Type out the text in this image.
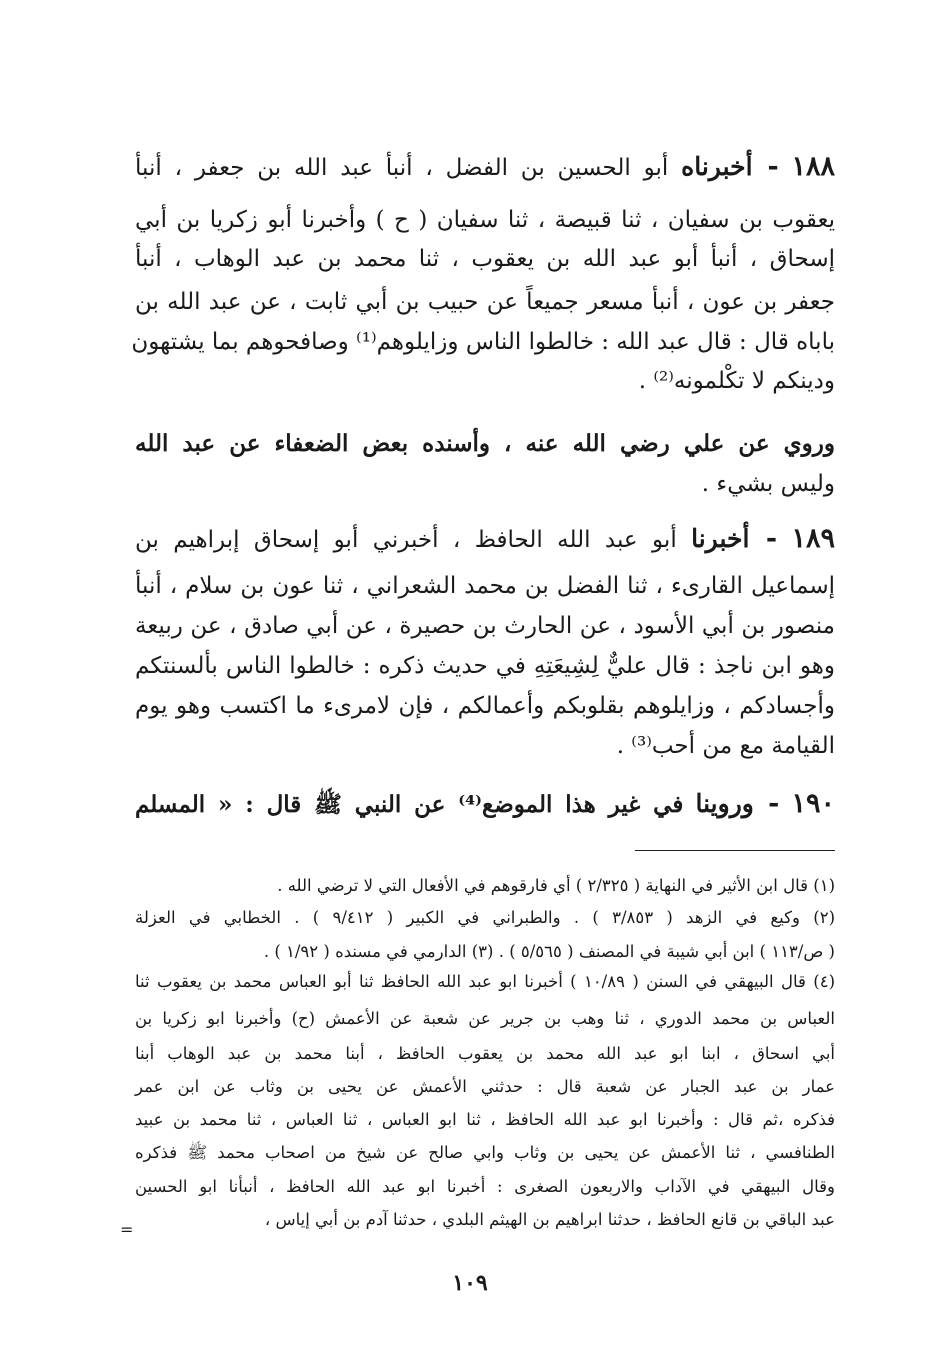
١٨٨ - أخبرناه أبو الحسين بن الفضل ، أنبأ عبد الله بن جعفر ، أنبأ
يعقوب بن سفيان ، ثنا قبيصة ، ثنا سفيان ( ح ) وأخبرنا أبو زكريا بن أبي
إسحاق ، أنبأ أبو عبد الله بن يعقوب ، ثنا محمد بن عبد الوهاب ، أنبأ
جعفر بن عون ، أنبأ مسعر جميعاً عن حبيب بن أبي ثابت ، عن عبد الله بن
باباه قال : قال عبد الله : خالطوا الناس وزايلوهم⁽¹⁾ وصافحوهم بما يشتهون
ودينكم لا تكْلمونه⁽²⁾ .
وروي عن علي رضي الله عنه ، وأسنده بعض الضعفاء عن عبد الله
وليس بشيء .
١٨٩ - أخبرنا أبو عبد الله الحافظ ، أخبرني أبو إسحاق إبراهيم بن
إسماعيل القارىء ، ثنا الفضل بن محمد الشعراني ، ثنا عون بن سلام ، أنبأ
منصور بن أبي الأسود ، عن الحارث بن حصيرة ، عن أبي صادق ، عن ربيعة
وهو ابن ناجذ : قال عليٌّ لِشِيعَتِهِ في حديث ذكره : خالطوا الناس بألسنتكم
وأجسادكم ، وزايلوهم بقلوبكم وأعمالكم ، فإن لامرىء ما اكتسب وهو يوم
القيامة مع من أحب⁽³⁾ .
١٩٠ - وروينا في غير هذا الموضع⁽⁴⁾ عن النبي ﷺ قال : « المسلم
(١) قال ابن الأثير في النهاية ( ٢/٣٢٥ ) أي فارقوهم في الأفعال التي لا ترضي الله .
(٢) وكيع في الزهد ( ٣/٨٥٣ ) . والطبراني في الكبير ( ٩/٤١٢ ) . الخطابي في العزلة
( ص/١١٣ ) ابن أبي شيبة في المصنف ( ٥/٥٦٥ ) . (٣) الدارمي في مسنده ( ١/٩٢ ) .
(٤) قال البيهقي في السنن ( ١٠/٨٩ ) أخبرنا ابو عبد الله الحافظ ثنا أبو العباس محمد بن يعقوب ثنا
العباس بن محمد الدوري ، ثنا وهب بن جرير عن شعبة عن الأعمش (ح) وأخبرنا ابو زكريا بن
أبي اسحاق ، ابنا ابو عبد الله محمد بن يعقوب الحافظ ، أبنا محمد بن عبد الوهاب أبنا
عمار بن عبد الجبار عن شعبة قال : حدثني الأعمش عن يحيى بن وثاب عن ابن عمر
فذكره ،ثم قال : وأخبرنا ابو عبد الله الحافظ ، ثنا ابو العباس ، ثنا العباس ، ثنا محمد بن عبيد
الطنافسي ، ثنا الأعمش عن يحيى بن وثاب وابي صالح عن شيخ من اصحاب محمد ﷺ فذكره
وقال البيهقي في الآداب والاربعون الصغرى : أخبرنا ابو عبد الله الحافظ ، أنبأنا ابو الحسين
عبد الباقي بن قانع الحافظ ، حدثنا ابراهيم بن الهيثم البلدي ، حدثنا آدم بن أبي إياس ،
=
١٠٩
